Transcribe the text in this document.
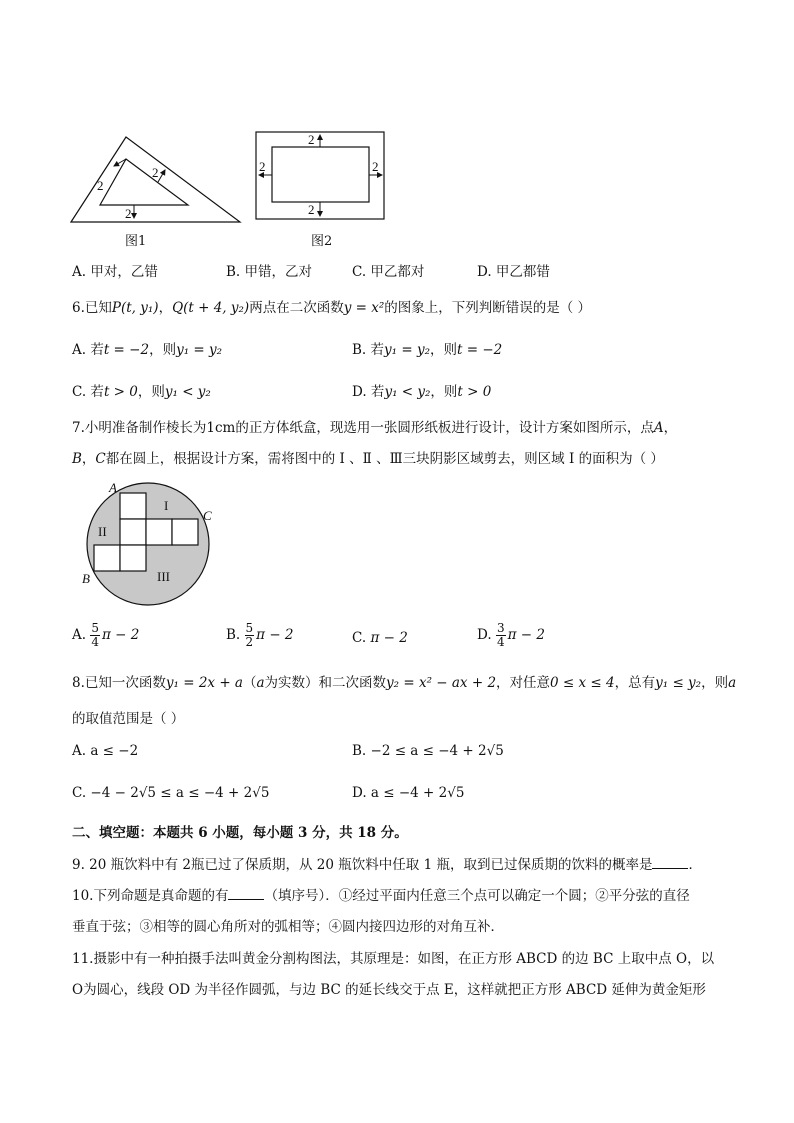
2
2
2
图1
2
2	2
2
图2
A. 甲对，乙错	B. 甲错，乙对	C. 甲乙都对	D. 甲乙都错
6.已知P(t, y₁)，Q(t + 4, y₂)两点在二次函数y = x²的图象上，下列判断错误的是（ ）
A. 若t = −2，则y₁ = y₂	B. 若y₁ = y₂，则t = −2
C. 若t > 0，则y₁ < y₂	D. 若y₁ < y₂，则t > 0
7.小明准备制作棱长为1cm的正方体纸盒，现选用一张圆形纸板进行设计，设计方案如图所示，点A，
B，C都在圆上，根据设计方案，需将图中的 I 、Ⅱ 、Ⅲ三块阴影区域剪去，则区域 I 的面积为（ ）
A
B
C
I
II
III
A. $\frac{5}{4}$ π − 2	B. $\frac{5}{2}$ π − 2	C. π − 2	D. $\frac{3}{4}$ π − 2
8.已知一次函数y₁ = 2x + a（a为实数）和二次函数y₂ = x² − ax + 2，对任意0 ≤ x ≤ 4，总有y₁ ≤ y₂，则a
的取值范围是（ ）
A. a ≤ −2	B. −2 ≤ a ≤ −4 + 2√5
C. −4 − 2√5 ≤ a ≤ −4 + 2√5	D. a ≤ −4 + 2√5
二、填空题：本题共 6 小题，每小题 3 分，共 18 分。
9. 20 瓶饮料中有 2瓶已过了保质期，从 20 瓶饮料中任取 1 瓶，取到已过保质期的饮料的概率是	．
10.下列命题是真命题的有	（填序号）．①经过平面内任意三个点可以确定一个圆；②平分弦的直径
垂直于弦；③相等的圆心角所对的弧相等；④圆内接四边形的对角互补．
11.摄影中有一种拍摄手法叫黄金分割构图法，其原理是：如图，在正方形 ABCD 的边 BC 上取中点 O，以
O为圆心，线段 OD 为半径作圆弧，与边 BC 的延长线交于点 E，这样就把正方形 ABCD 延伸为黄金矩形
